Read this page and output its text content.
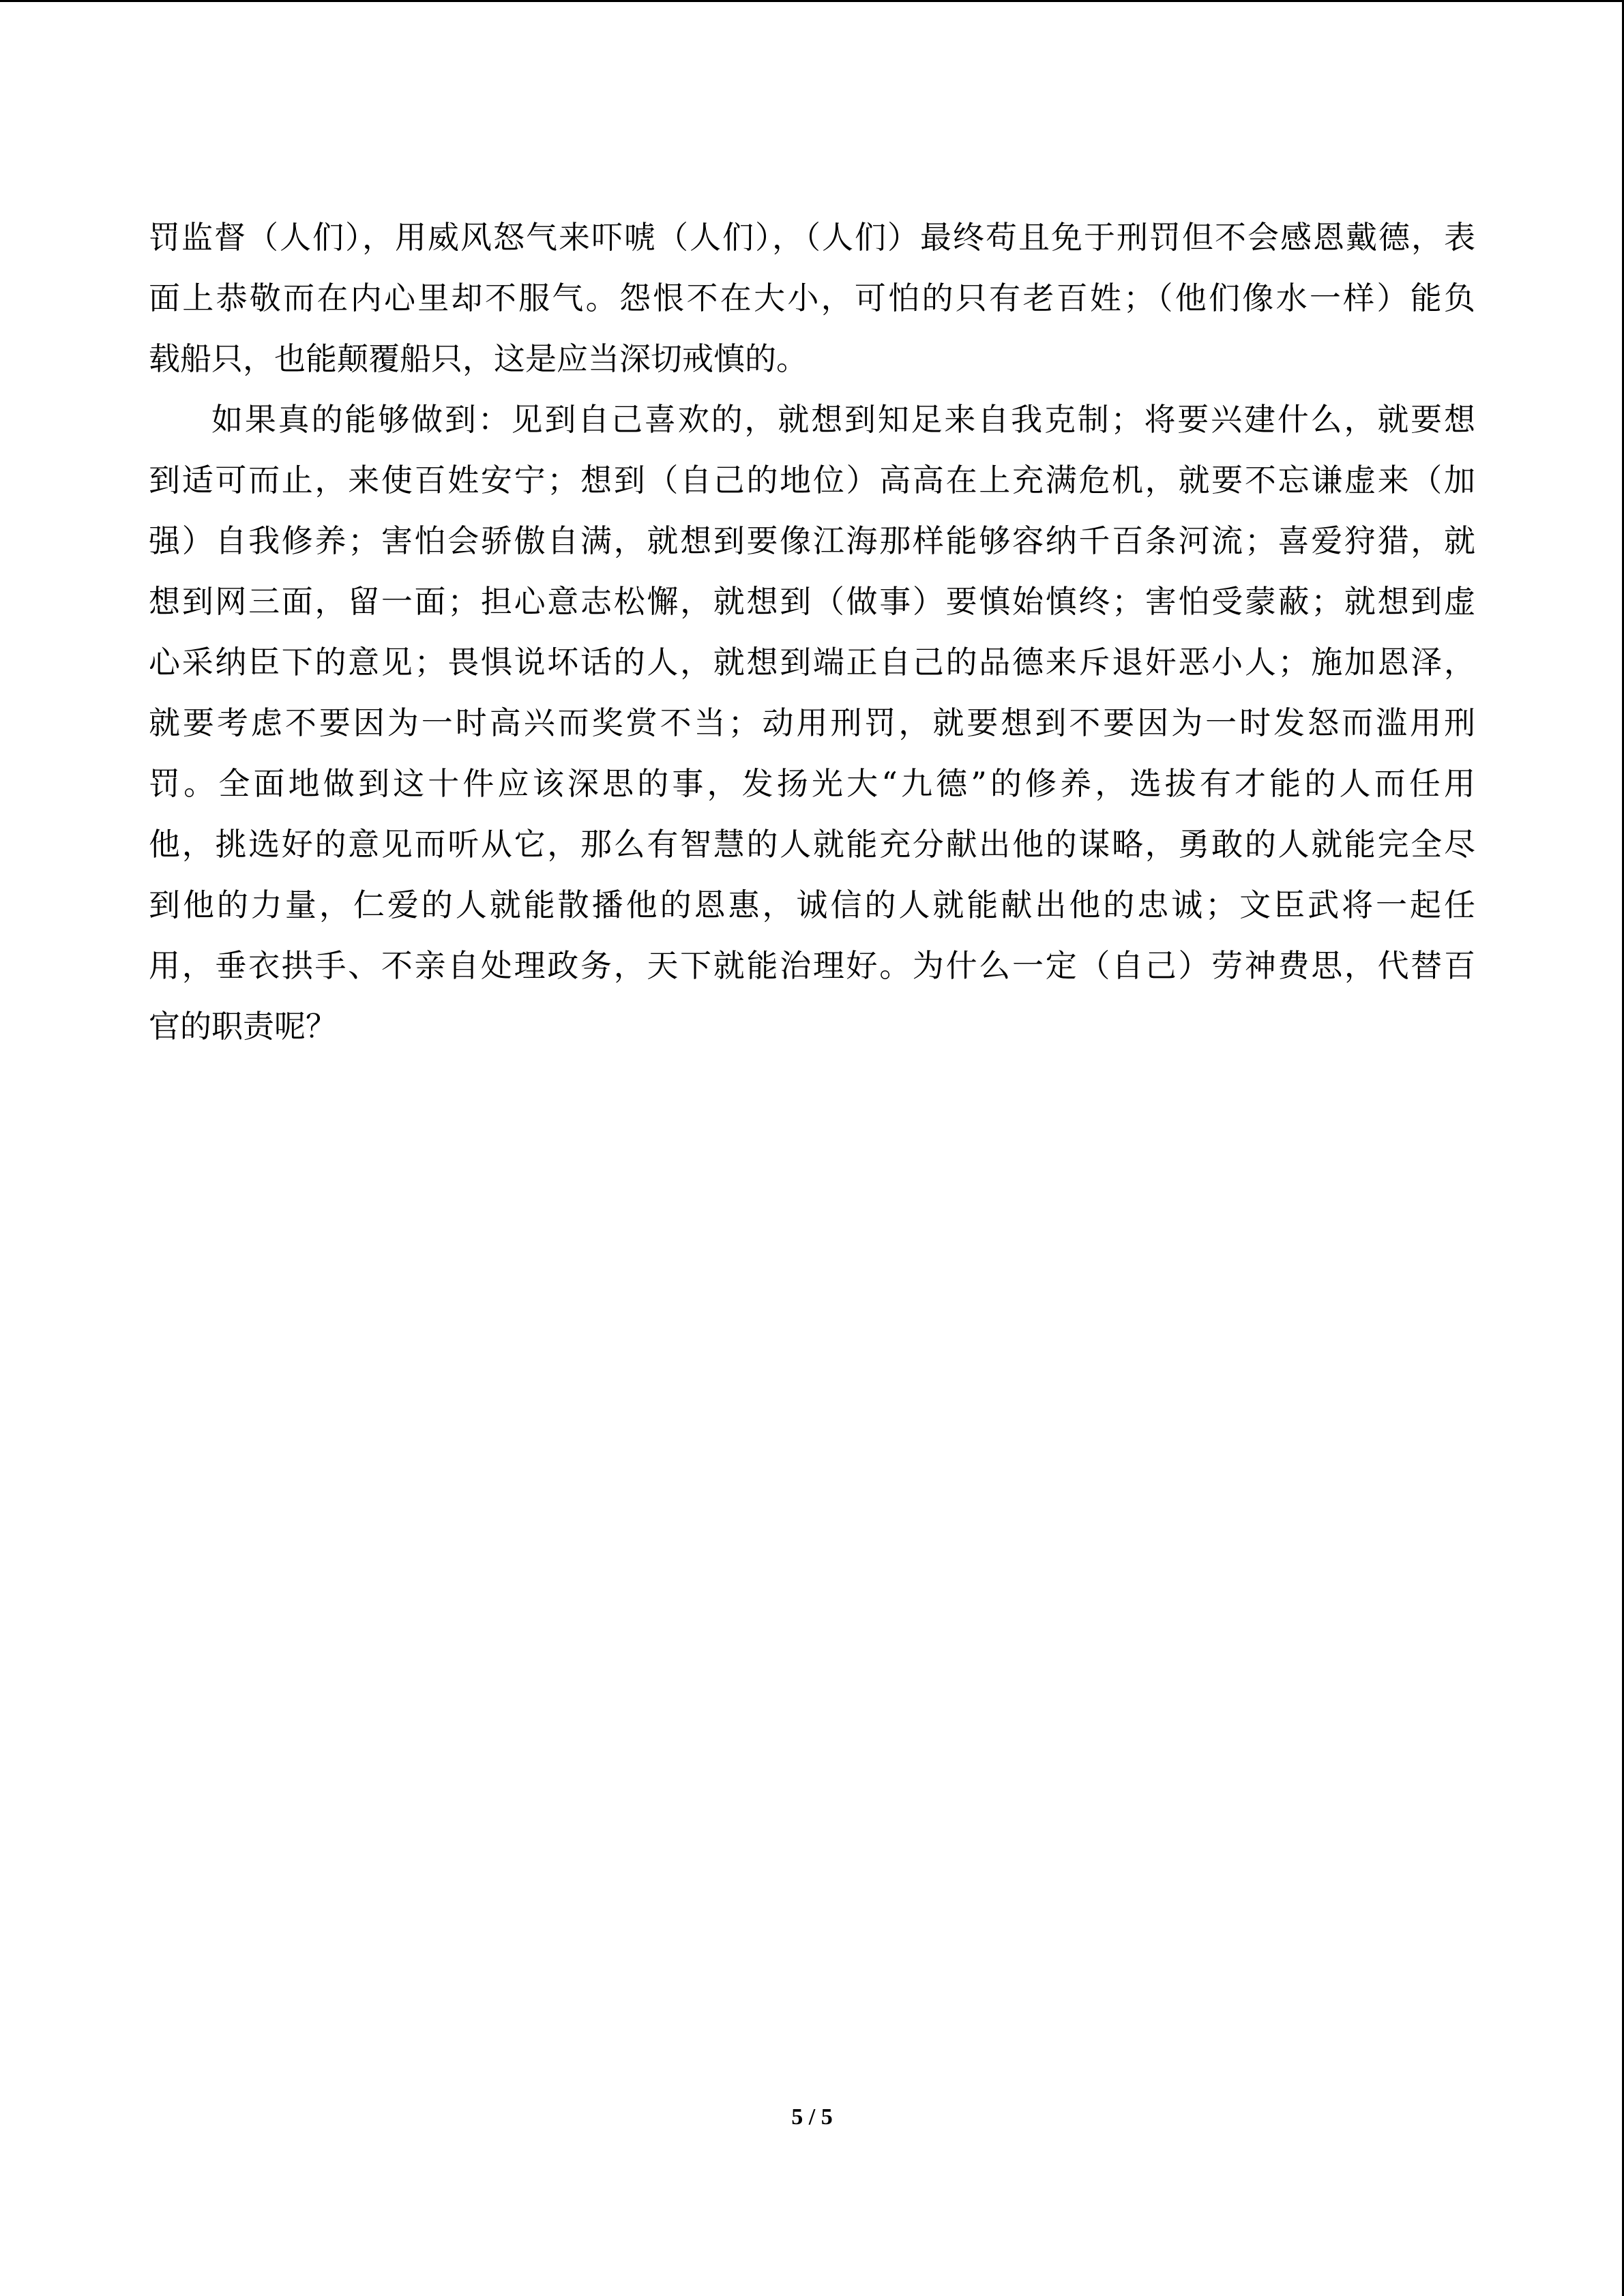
罚监督（人们），用威风怒气来吓唬（人们），（人们）最终苟且免于刑罚但不会感恩戴德，表
面上恭敬而在内心里却不服气。怨恨不在大小，可怕的只有老百姓；（他们像水一样）能负
载船只，也能颠覆船只，这是应当深切戒慎的。
如果真的能够做到：见到自己喜欢的，就想到知足来自我克制；将要兴建什么，就要想
到适可而止，来使百姓安宁；想到（自己的地位）高高在上充满危机，就要不忘谦虚来（加
强）自我修养；害怕会骄傲自满，就想到要像江海那样能够容纳千百条河流；喜爱狩猎，就
想到网三面，留一面；担心意志松懈，就想到（做事）要慎始慎终；害怕受蒙蔽；就想到虚
心采纳臣下的意见；畏惧说坏话的人，就想到端正自己的品德来斥退奸恶小人；施加恩泽，
就要考虑不要因为一时高兴而奖赏不当；动用刑罚，就要想到不要因为一时发怒而滥用刑
罚。全面地做到这十件应该深思的事，发扬光大“九德”的修养，选拔有才能的人而任用
他，挑选好的意见而听从它，那么有智慧的人就能充分献出他的谋略，勇敢的人就能完全尽
到他的力量，仁爱的人就能散播他的恩惠，诚信的人就能献出他的忠诚；文臣武将一起任
用，垂衣拱手、不亲自处理政务，天下就能治理好。为什么一定（自己）劳神费思，代替百
官的职责呢？
5 / 5
